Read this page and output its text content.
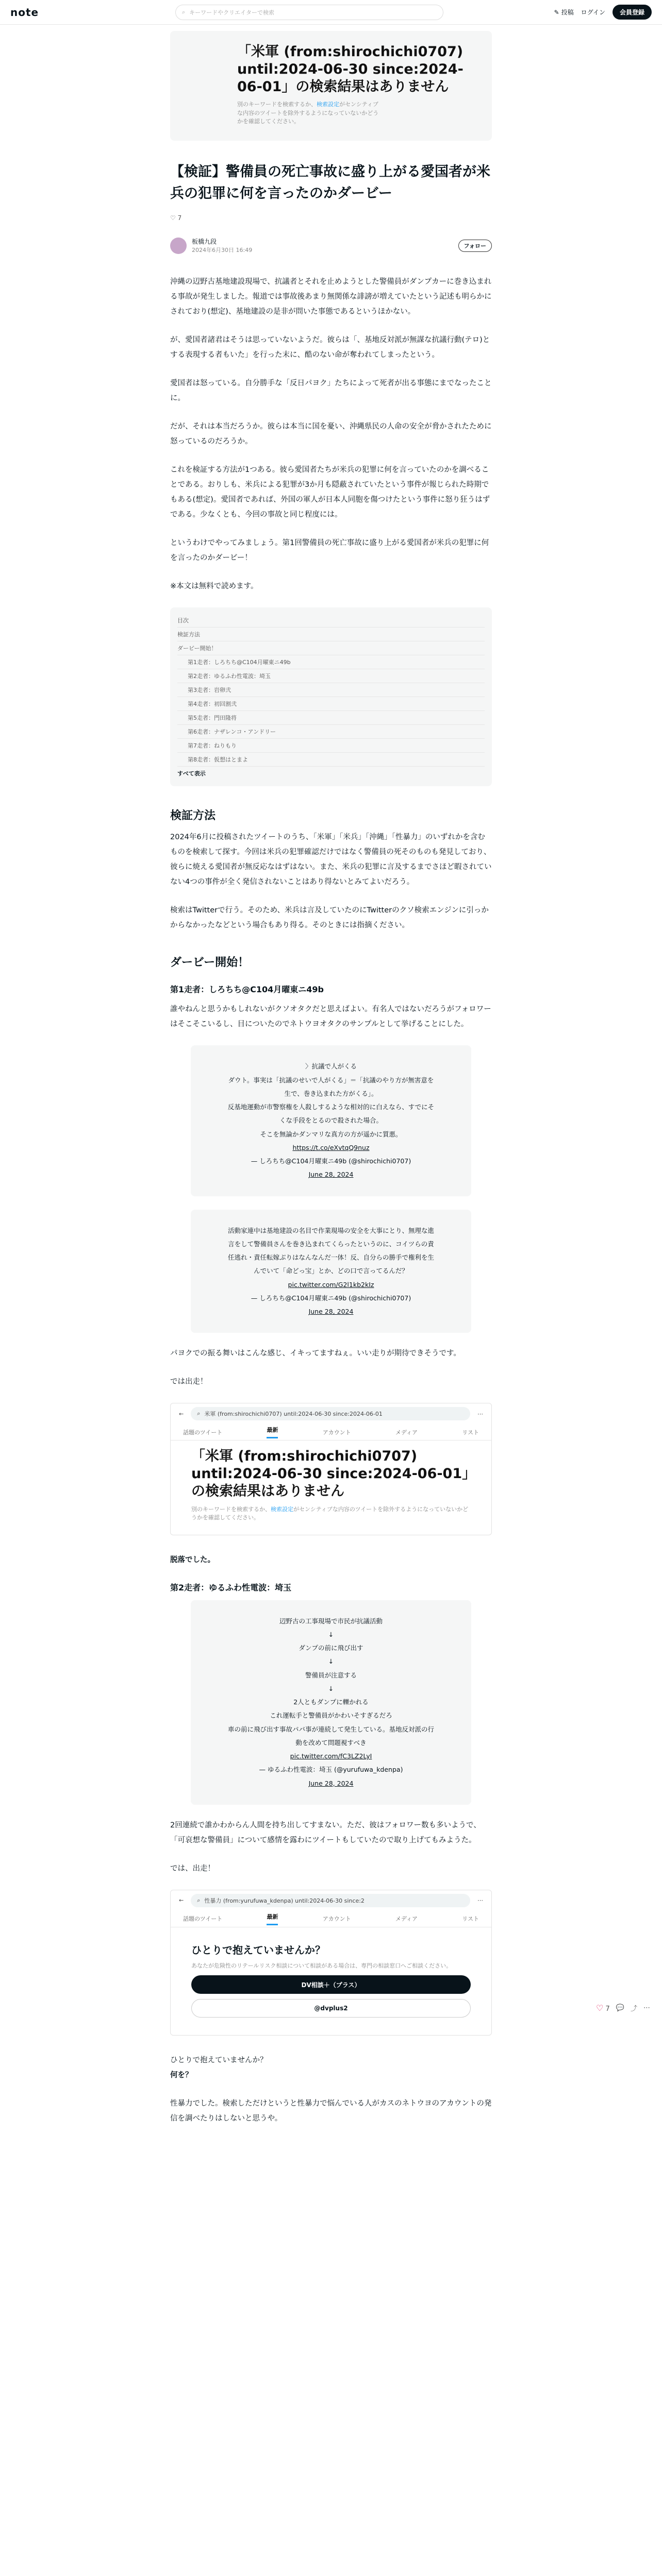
note	⌕ キーワードやクリエイターで検索	✎ 投稿 ログイン	会員登録
「米軍 (from:shirochichi0707) until:2024-06-30 since:2024-06-01」の検索結果はありません
別のキーワードを検索するか、検索設定がセンシティブな内容のツイートを除外するようになっていないかどうかを確認してください。
【検証】警備員の死亡事故に盛り上がる愛国者が米兵の犯罪に何を言ったのかダービー
♡ 7
板橋九段
2024年6月30日 16:49
フォロー

沖縄の辺野古基地建設現場で、抗議者とそれを止めようとした警備員がダンプカーに巻き込まれる事故が発生しました。報道では事故後あまり無関係な誹謗が増えていたという記述も明らかにされており(想定)、基地建設の是非が問いた事態であるというほかない。

が、愛国者諸君はそうは思っていないようだ。彼らは「、基地反対派が無謀な抗議行動(テロ)とする表現する者もいた」を行った末に、酷のない命が奪われてしまったという。

愛国者は怒っている。自分勝手な「反日パヨク」たちによって死者が出る事態にまでなったことに。

だが、それは本当だろうか。彼らは本当に国を憂い、沖縄県民の人命の安全が脅かされたために怒っているのだろうか。

これを検証する方法が1つある。彼ら愛国者たちが米兵の犯罪に何を言っていたのかを調べることである。おりしも、米兵による犯罪が3か月も隠蔽されていたという事件が報じられた時期でもある(想定)。愛国者であれば、外国の軍人が日本人同胞を傷つけたという事件に怒り狂うはずである。少なくとも、今回の事故と同じ程度には。

というわけでやってみましょう。第1回警備員の死亡事故に盛り上がる愛国者が米兵の犯罪に何を言ったのかダービー！

※本文は無料で読めます。

目次
検証方法
ダービー開始！
第1走者：しろちち@C104月曜東ニ49b
第2走者：ゆるふわ性電波：埼玉
第3走者：岩卵弐
第4走者：初回割弐
第5走者：門田隆将
第6走者：ナザレンコ・アンドリー
第7走者：ねりもり
第8走者：仮想はとまよ
すべて表示
検証方法

2024年6月に投稿されたツイートのうち、「米軍」「米兵」「沖縄」「性暴力」のいずれかを含むものを検索して探す。今回は米兵の犯罪確認だけではなく警備員の死そのものも発見しており、彼らに焼える愛国者が無反応なはずはない。また、米兵の犯罪に言及するまでさほど暇されていない4つの事件が全く発信されないことはあり得ないとみてよいだろう。

検索はTwitterで行う。そのため、米兵は言及していたのにTwitterのクソ検索エンジンに引っかからなかったなどという場合もあり得る。そのときには指摘ください。

ダービー開始！
第1走者：しろちち@C104月曜東ニ49b

誰やねんと思うかもしれないがクソオタクだと思えばよい。有名人ではないだろうがフォロワーはそこそこいるし、目についたのでネトウヨオタクのサンプルとして挙げることにした。

〉抗議で人がくる
ダウト。事実は「抗議のせいで人がくる」＝「抗議のやり方が無害意を生で、巻き込まれた方がくる」。
反基地運動が市警察権を人殺しするような相対的に白えなら、すでにそくな手段をとるので殺された場合。
そこを無論かダンマリな真方の方が遥かに質悪。
https://t.co/eXvtqQ9nuz
— しろちち@C104月曜東ニ49b (@shirochichi0707)
June 28, 2024
活動家連中は基地建設の名目で作業現場の安全を大事にとり、無理な進言をして警備員さんを巻き込まれてくらったというのに、コイツらの責任逃れ・責任転嫁ぶりはなんなんだ一体！反、自分らの勝手で権利を生んでいて「命どっ宝」とか、どの口で言ってるんだ？
pic.twitter.com/G2l1kb2kIz
— しろちち@C104月曜東ニ49b (@shirochichi0707)
June 28, 2024

パヨクでの振る舞いはこんな感じ、イキってますねぇ。いい走りが期待できそうです。

では出走！

← ⌕ 米軍 (from:shirochichi0707) until:2024-06-30 since:2024-06-01	⋯
話題のツイート	最新	アカウント	メディア	リスト
「米軍 (from:shirochichi0707) until:2024-06-30 since:2024-06-01」の検索結果はありません
別のキーワードを検索するか、検索設定がセンシティブな内容のツイートを除外するようになっていないかどうかを確認してください。

脱落でした。

第2走者：ゆるふわ性電波：埼玉
辺野古の工事現場で市民が抗議活動
↓
ダンプの前に飛び出す
↓
警備員が注意する
↓
2人ともダンプに轢かれる
これ運転手と警備員がかわいそすぎるだろ
車の前に飛び出す事故パパ事が連続して発生している。基地反対派の行動を改めて問題視すべき
pic.twitter.com/fC3LZ2LyI
— ゆるふわ性電波：埼玉 (@yurufuwa_kdenpa)
June 28, 2024

2回連続で誰かわからん人間を持ち出してすまない。ただ、彼はフォロワー数も多いようで、「可哀想な警備員」について感情を露わにツイートもしていたので取り上げてもみようた。

では、出走！

← ⌕ 性暴力 (from:yurufuwa_kdenpa) until:2024-06-30 since:2	⋯
話題のツイート	最新	アカウント	メディア	リスト
ひとりで抱えていませんか？
あなたが危険性のリテールリスク相談について相談がある場合は、専門の相談窓口へご相談ください。
DV相談＋（プラス）
@dvplus2

ひとりで抱えていませんか？

何を？

性暴力でした。検索しただけというと性暴力で悩んでいる人がカスのネトウヨのアカウントの発信を調べたりはしないと思うや。

♡ 7 💬 ⤴ ⋯
